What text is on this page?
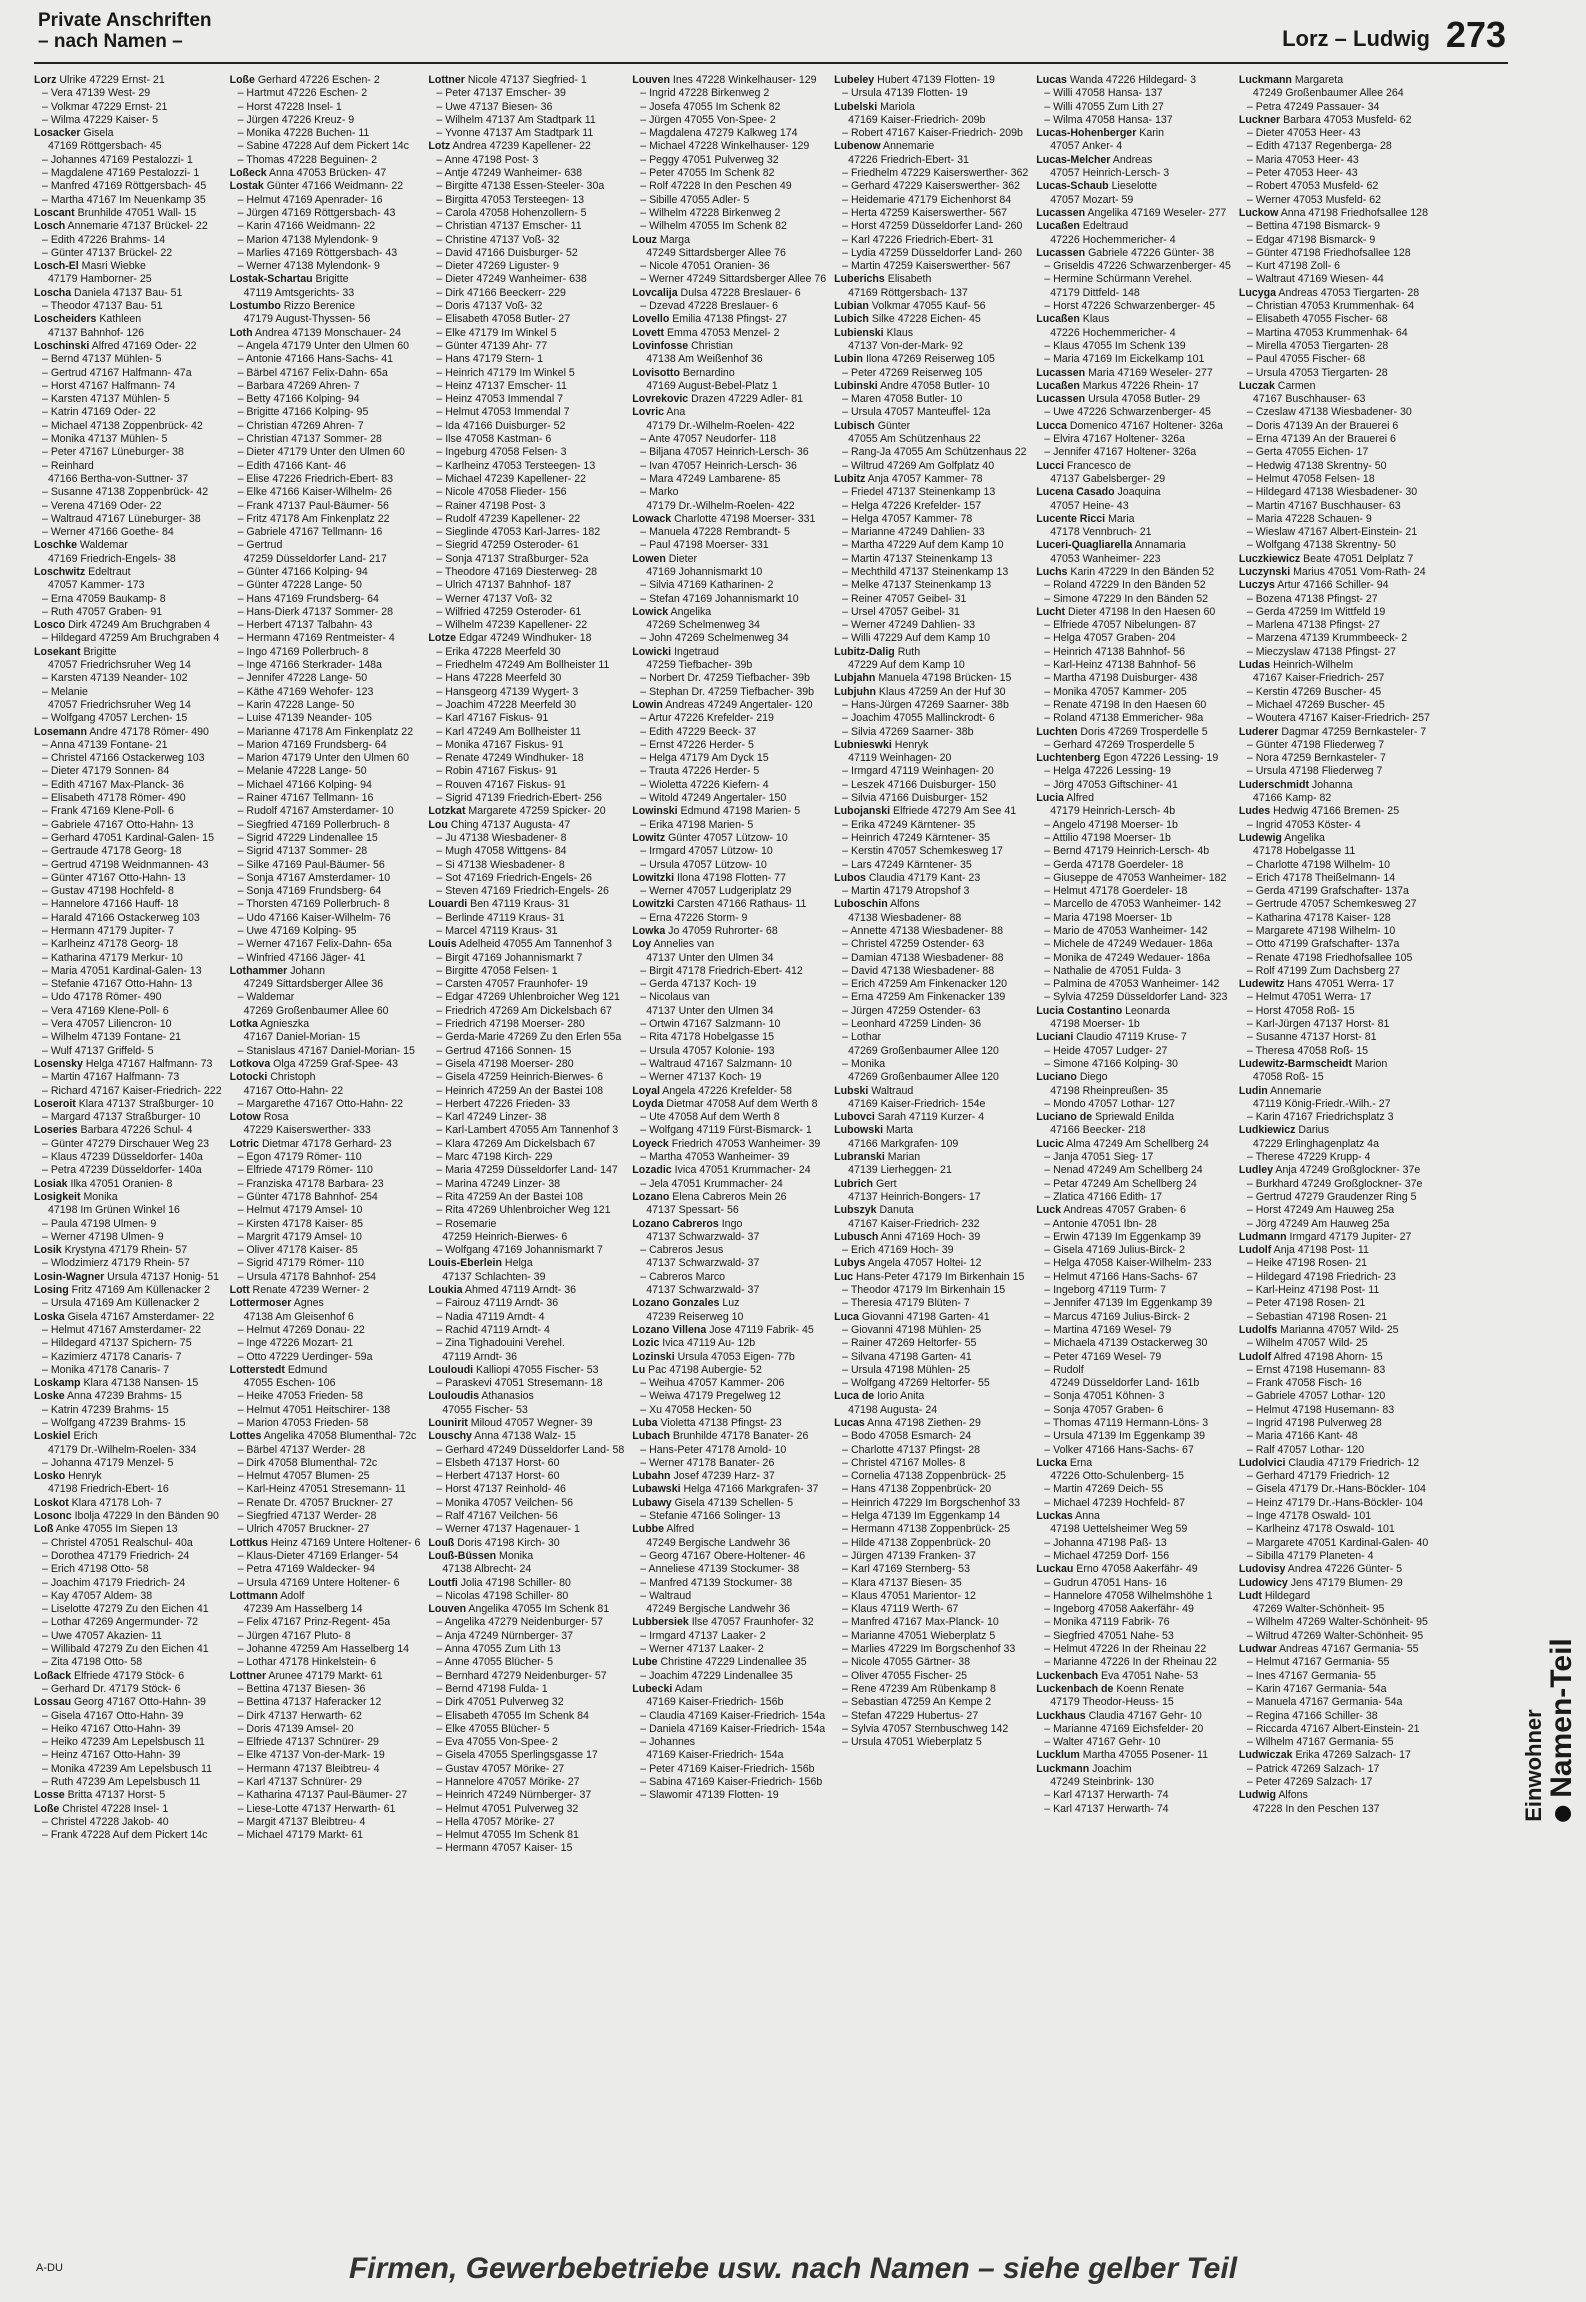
Private Anschriften
– nach Namen –	Lorz – Ludwig 273
Lorz Ulrike 47229 Ernst- 21
– Vera 47139 West- 29
– Volkmar 47229 Ernst- 21
– Wilma 47229 Kaiser- 5
Losacker Gisela
47169 Röttgersbach- 45
– Johannes 47169 Pestalozzi- 1
– Magdalene 47169 Pestalozzi- 1
– Manfred 47169 Röttgersbach- 45
– Martha 47167 Im Neuenkamp 35
Loscant Brunhilde 47051 Wall- 15
Losch Annemarie 47137 Brückel- 22
– Edith 47226 Brahms- 14
– Günter 47137 Brückel- 22
Losch-El Masri Wiebke
47179 Hamborner- 25
Loscha Daniela 47137 Bau- 51
– Theodor 47137 Bau- 51
Loscheiders Kathleen
47137 Bahnhof- 126
Loschinski Alfred 47169 Oder- 22
– Bernd 47137 Mühlen- 5
– Gertrud 47167 Halfmann- 47a
– Horst 47167 Halfmann- 74
– Karsten 47137 Mühlen- 5
– Katrin 47169 Oder- 22
– Michael 47138 Zoppenbrück- 42
– Monika 47137 Mühlen- 5
– Peter 47167 Lüneburger- 38
– Reinhard
47166 Bertha-von-Suttner- 37
– Susanne 47138 Zoppenbrück- 42
– Verena 47169 Oder- 22
– Waltraud 47167 Lüneburger- 38
– Werner 47166 Goethe- 84
Loschke Waldemar
47169 Friedrich-Engels- 38
Loschwitz Edeltraut
47057 Kammer- 173
– Erna 47059 Baukamp- 8
– Ruth 47057 Graben- 91
Losco Dirk 47249 Am Bruchgraben 4
– Hildegard 47259 Am Bruchgraben 4
Losekant Brigitte
47057 Friedrichsruher Weg 14
– Karsten 47139 Neander- 102
– Melanie
47057 Friedrichsruher Weg 14
– Wolfgang 47057 Lerchen- 15
Losemann Andre 47178 Römer- 490
– Anna 47139 Fontane- 21
– Christel 47166 Ostackerweg 103
– Dieter 47179 Sonnen- 84
– Edith 47167 Max-Planck- 36
– Elisabeth 47178 Römer- 490
– Frank 47169 Klene-Poll- 6
– Gabriele 47167 Otto-Hahn- 13
– Gerhard 47051 Kardinal-Galen- 15
– Gertraude 47178 Georg- 18
– Gertrud 47198 Weidnmannen- 43
– Günter 47167 Otto-Hahn- 13
– Gustav 47198 Hochfeld- 8
– Hannelore 47166 Hauff- 18
– Harald 47166 Ostackerweg 103
– Hermann 47179 Jupiter- 7
– Karlheinz 47178 Georg- 18
– Katharina 47179 Merkur- 10
– Maria 47051 Kardinal-Galen- 13
– Stefanie 47167 Otto-Hahn- 13
– Udo 47178 Römer- 490
– Vera 47169 Klene-Poll- 6
– Vera 47057 Liliencron- 10
– Wilhelm 47139 Fontane- 21
– Wulf 47137 Griffeld- 5
Losensky Helga 47167 Halfmann- 73
– Martin 47167 Halfmann- 73
– Richard 47167 Kaiser-Friedrich- 222
Loseroit Klara 47137 Straßburger- 10
– Margard 47137 Straßburger- 10
Loseries Barbara 47226 Schul- 4
– Günter 47279 Dirschauer Weg 23
– Klaus 47239 Düsseldorfer- 140a
– Petra 47239 Düsseldorfer- 140a
Losiak Ilka 47051 Oranien- 8
Losigkeit Monika
47198 Im Grünen Winkel 16
– Paula 47198 Ulmen- 9
– Werner 47198 Ulmen- 9
Losik Krystyna 47179 Rhein- 57
– Wlodzimierz 47179 Rhein- 57
Losin-Wagner Ursula 47137 Honig- 51
Losing Fritz 47169 Am Küllenacker 2
– Ursula 47169 Am Küllenacker 2
Loska Gisela 47167 Amsterdamer- 22
– Helmut 47167 Amsterdamer- 22
– Hildegard 47137 Spichern- 75
– Kazimierz 47178 Canaris- 7
– Monika 47178 Canaris- 7
Loskamp Klara 47138 Nansen- 15
Loske Anna 47239 Brahms- 15
– Katrin 47239 Brahms- 15
– Wolfgang 47239 Brahms- 15
Loskiel Erich
47179 Dr.-Wilhelm-Roelen- 334
– Johanna 47179 Menzel- 5
Losko Henryk
47198 Friedrich-Ebert- 16
Loskot Klara 47178 Loh- 7
Losonc Ibolja 47229 In den Bänden 90
Loß Anke 47055 Im Siepen 13
– Christel 47051 Realschul- 40a
– Dorothea 47179 Friedrich- 24
– Erich 47198 Otto- 58
– Joachim 47179 Friedrich- 24
– Kay 47057 Aldem- 38
– Liselotte 47279 Zu den Eichen 41
– Lothar 47269 Angermunder- 72
– Uwe 47057 Akazien- 11
– Willibald 47279 Zu den Eichen 41
– Zita 47198 Otto- 58
Loßack Elfriede 47179 Stöck- 6
– Gerhard Dr. 47179 Stöck- 6
Lossau Georg 47167 Otto-Hahn- 39
– Gisela 47167 Otto-Hahn- 39
– Heiko 47167 Otto-Hahn- 39
– Heiko 47239 Am Lepelsbusch 11
– Heinz 47167 Otto-Hahn- 39
– Monika 47239 Am Lepelsbusch 11
– Ruth 47239 Am Lepelsbusch 11
Losse Britta 47137 Horst- 5
Loße Christel 47228 Insel- 1
– Christel 47228 Jakob- 40
– Frank 47228 Auf dem Pickert 14c
Loße Gerhard 47226 Eschen- 2
– Hartmut 47226 Eschen- 2
– Horst 47228 Insel- 1
– Jürgen 47226 Kreuz- 9
– Monika 47228 Buchen- 11
– Sabine 47228 Auf dem Pickert 14c
– Thomas 47228 Beguinen- 2
Loßeck Anna 47053 Brücken- 47
Lostak Günter 47166 Weidmann- 22
– Helmut 47169 Apenrader- 16
– Jürgen 47169 Röttgersbach- 43
– Karin 47166 Weidmann- 22
– Marion 47138 Mylendonk- 9
– Marlies 47169 Röttgersbach- 43
– Werner 47138 Mylendonk- 9
Lostak-Schartau Brigitte
47119 Amtsgerichts- 33
Lostumbo Rizzo Berenice
47179 August-Thyssen- 56
Loth Andrea 47139 Monschauer- 24
– Angela 47179 Unter den Ulmen 60
– Antonie 47166 Hans-Sachs- 41
– Bärbel 47167 Felix-Dahn- 65a
– Barbara 47269 Ahren- 7
– Betty 47166 Kolping- 94
– Brigitte 47166 Kolping- 95
– Christian 47269 Ahren- 7
– Christian 47137 Sommer- 28
– Dieter 47179 Unter den Ulmen 60
– Edith 47166 Kant- 46
– Elise 47226 Friedrich-Ebert- 83
– Elke 47166 Kaiser-Wilhelm- 26
– Frank 47137 Paul-Bäumer- 56
– Fritz 47178 Am Finkenplatz 22
– Gabriele 47167 Tellmann- 16
– Gertrud
47259 Düsseldorfer Land- 217
– Günter 47166 Kolping- 94
– Günter 47228 Lange- 50
– Hans 47169 Frundsberg- 64
– Hans-Dierk 47137 Sommer- 28
– Herbert 47137 Talbahn- 43
– Hermann 47169 Rentmeister- 4
– Ingo 47169 Pollerbruch- 8
– Inge 47166 Sterkrader- 148a
– Jennifer 47228 Lange- 50
– Käthe 47169 Wehofer- 123
– Karin 47228 Lange- 50
– Luise 47139 Neander- 105
– Marianne 47178 Am Finkenplatz 22
– Marion 47169 Frundsberg- 64
– Marion 47179 Unter den Ulmen 60
– Melanie 47228 Lange- 50
– Michael 47166 Kolping- 94
– Rainer 47167 Tellmann- 16
– Rudolf 47167 Amsterdamer- 10
– Siegfried 47169 Pollerbruch- 8
– Sigrid 47229 Lindenallee 15
– Sigrid 47137 Sommer- 28
– Silke 47169 Paul-Bäumer- 56
– Sonja 47167 Amsterdamer- 10
– Sonja 47169 Frundsberg- 64
– Thorsten 47169 Pollerbruch- 8
– Udo 47166 Kaiser-Wilhelm- 76
– Uwe 47169 Kolping- 95
– Werner 47167 Felix-Dahn- 65a
– Winfried 47166 Jäger- 41
Lothammer Johann
47249 Sittardsberger Allee 36
– Waldemar
47269 Großenbaumer Allee 60
Lotka Agnieszka
47167 Daniel-Morian- 15
– Stanislaus 47167 Daniel-Morian- 15
Lotkova Olga 47259 Graf-Spee- 43
Lotocki Christoph
47167 Otto-Hahn- 22
– Margarethe 47167 Otto-Hahn- 22
Lotow Rosa
47229 Kaiserswerther- 333
Lotric Dietmar 47178 Gerhard- 23
– Egon 47179 Römer- 110
– Elfriede 47179 Römer- 110
– Franziska 47178 Barbara- 23
– Günter 47178 Bahnhof- 254
– Helmut 47179 Amsel- 10
– Kirsten 47178 Kaiser- 85
– Margrit 47179 Amsel- 10
– Oliver 47178 Kaiser- 85
– Sigrid 47179 Römer- 110
– Ursula 47178 Bahnhof- 254
Lott Renate 47239 Werner- 2
Lottermoser Agnes
47138 Am Gleisenhof 6
– Helmut 47269 Donau- 22
– Inge 47226 Mozart- 21
– Otto 47229 Uerdinger- 59a
Lotterstedt Edmund
47055 Eschen- 106
– Heike 47053 Frieden- 58
– Helmut 47051 Heitschirer- 138
– Marion 47053 Frieden- 58
Lottes Angelika 47058 Blumenthal- 72c
– Bärbel 47137 Werder- 28
– Dirk 47058 Blumenthal- 72c
– Helmut 47057 Blumen- 25
– Karl-Heinz 47051 Stresemann- 11
– Renate Dr. 47057 Bruckner- 27
– Siegfried 47137 Werder- 28
– Ulrich 47057 Bruckner- 27
Lottkus Heinz 47169 Untere Holtener- 6
– Klaus-Dieter 47169 Erlanger- 54
– Petra 47169 Waldecker- 94
– Ursula 47169 Untere Holtener- 6
Lottmann Adolf
47239 Am Hasselberg 14
– Felix 47167 Prinz-Regent- 45a
– Jürgen 47167 Pluto- 8
– Johanne 47259 Am Hasselberg 14
– Lothar 47178 Hinkelstein- 6
Lottner Arunee 47179 Markt- 61
– Bettina 47137 Biesen- 36
– Bettina 47137 Haferacker 12
– Dirk 47137 Herwarth- 62
– Doris 47139 Amsel- 20
– Elfriede 47137 Schnürer- 29
– Elke 47137 Von-der-Mark- 19
– Hermann 47137 Bleibtreu- 4
– Karl 47137 Schnürer- 29
– Katharina 47137 Paul-Bäumer- 27
– Liese-Lotte 47137 Herwarth- 61
– Margit 47137 Bleibtreu- 4
– Michael 47179 Markt- 61
Lottner Nicole 47137 Siegfried- 1
– Peter 47137 Emscher- 39
– Uwe 47137 Biesen- 36
– Wilhelm 47137 Am Stadtpark 11
– Yvonne 47137 Am Stadtpark 11
Lotz Andrea 47239 Kapellener- 22
– Anne 47198 Post- 3
– Antje 47249 Wanheimer- 638
– Birgitte 47138 Essen-Steeler- 30a
– Birgitta 47053 Tersteegen- 13
– Carola 47058 Hohenzollern- 5
– Christian 47137 Emscher- 11
– Christine 47137 Voß- 32
– David 47166 Duisburger- 52
– Dieter 47269 Liguster- 9
– Dieter 47249 Wanheimer- 638
– Dirk 47166 Beeckerr- 229
– Doris 47137 Voß- 32
– Elisabeth 47058 Butler- 27
– Elke 47179 Im Winkel 5
– Günter 47139 Ahr- 77
– Hans 47179 Stern- 1
– Heinrich 47179 Im Winkel 5
– Heinz 47137 Emscher- 11
– Heinz 47053 Immendal 7
– Helmut 47053 Immendal 7
– Ida 47166 Duisburger- 52
– Ilse 47058 Kastman- 6
– Ingeburg 47058 Felsen- 3
– Karlheinz 47053 Tersteegen- 13
– Michael 47239 Kapellener- 22
– Nicole 47058 Flieder- 156
– Rainer 47198 Post- 3
– Rudolf 47239 Kapellener- 22
– Sieglinde 47053 Karl-Jarres- 182
– Siegrid 47259 Osteroder- 61
– Sonja 47137 Straßburger- 52a
– Theodore 47169 Diesterweg- 28
– Ulrich 47137 Bahnhof- 187
– Werner 47137 Voß- 32
– Wilfried 47259 Osteroder- 61
– Wilhelm 47239 Kapellener- 22
Lotze Edgar 47249 Windhuker- 18
– Erika 47228 Meerfeld 30
– Friedhelm 47249 Am Bollheister 11
– Hans 47228 Meerfeld 30
– Hansgeorg 47139 Wygert- 3
– Joachim 47228 Meerfeld 30
– Karl 47167 Fiskus- 91
– Karl 47249 Am Bollheister 11
– Monika 47167 Fiskus- 91
– Renate 47249 Windhuker- 18
– Robin 47167 Fiskus- 91
– Rouven 47167 Fiskus- 91
– Sigrid 47139 Friedrich-Ebert- 256
Lotzkat Margarete 47259 Spicker- 20
Lou Ching 47137 Augusta- 47
– Ju 47138 Wiesbadener- 8
– Mugh 47058 Wittgens- 84
– Si 47138 Wiesbadener- 8
– Sot 47169 Friedrich-Engels- 26
– Steven 47169 Friedrich-Engels- 26
Louardi Ben 47119 Kraus- 31
– Berlinde 47119 Kraus- 31
– Marcel 47119 Kraus- 31
Louis Adelheid 47055 Am Tannenhof 3
– Birgit 47169 Johannismarkt 7
– Birgitte 47058 Felsen- 1
– Carsten 47057 Fraunhofer- 19
– Edgar 47269 Uhlenbroicher Weg 121
– Friedrich 47269 Am Dickelsbach 67
– Friedrich 47198 Moerser- 280
– Gerda-Marie 47269 Zu den Erlen 55a
– Gertrud 47166 Sonnen- 15
– Gisela 47198 Moerser- 280
– Gisela 47259 Heinrich-Bierwes- 6
– Heinrich 47259 An der Bastei 108
– Herbert 47226 Frieden- 33
– Karl 47249 Linzer- 38
– Karl-Lambert 47055 Am Tannenhof 3
– Klara 47269 Am Dickelsbach 67
– Marc 47198 Kirch- 229
– Maria 47259 Düsseldorfer Land- 147
– Marina 47249 Linzer- 38
– Rita 47259 An der Bastei 108
– Rita 47269 Uhlenbroicher Weg 121
– Rosemarie
47259 Heinrich-Bierwes- 6
– Wolfgang 47169 Johannismarkt 7
Louis-Eberlein Helga
47137 Schlachten- 39
Loukia Ahmed 47119 Arndt- 36
– Fairouz 47119 Arndt- 36
– Nadia 47119 Arndt- 4
– Rachid 47119 Arndt- 4
– Zina Tighadouini Verehel.
47119 Arndt- 36
Louloudi Kalliopi 47055 Fischer- 53
– Paraskevi 47051 Stresemann- 18
Louloudis Athanasios
47055 Fischer- 53
Lounirit Miloud 47057 Wegner- 39
Louschy Anna 47138 Walz- 15
– Gerhard 47249 Düsseldorfer Land- 58
– Elsbeth 47137 Horst- 60
– Herbert 47137 Horst- 60
– Horst 47137 Reinhold- 46
– Monika 47057 Veilchen- 56
– Ralf 47167 Veilchen- 56
– Werner 47137 Hagenauer- 1
Louß Doris 47198 Kirch- 30
Louß-Büssen Monika
47138 Albrecht- 24
Loutfi Jolia 47198 Schiller- 80
– Nicolas 47198 Schiller- 80
Louven Angelika 47055 Im Schenk 81
– Angelika 47279 Neidenburger- 57
– Anja 47249 Nürnberger- 37
– Anna 47055 Zum Lith 13
– Anne 47055 Blücher- 5
– Bernhard 47279 Neidenburger- 57
– Bernd 47198 Fulda- 1
– Dirk 47051 Pulverweg 32
– Elisabeth 47055 Im Schenk 84
– Elke 47055 Blücher- 5
– Eva 47055 Von-Spee- 2
– Gisela 47055 Sperlingsgasse 17
– Gustav 47057 Mörike- 27
– Hannelore 47057 Mörike- 27
– Heinrich 47249 Nürnberger- 37
– Helmut 47051 Pulverweg 32
– Hella 47057 Mörike- 27
– Helmut 47055 Im Schenk 81
– Hermann 47057 Kaiser- 15
Louven Ines 47228 Winkelhauser- 129
– Ingrid 47228 Birkenweg 2
– Josefa 47055 Im Schenk 82
– Jürgen 47055 Von-Spee- 2
– Magdalena 47279 Kalkweg 174
– Michael 47228 Winkelhauser- 129
– Peggy 47051 Pulverweg 32
– Peter 47055 Im Schenk 82
– Rolf 47228 In den Peschen 49
– Sibille 47055 Adler- 5
– Wilhelm 47228 Birkenweg 2
– Wilhelm 47055 Im Schenk 82
Louz Marga
47249 Sittardsberger Allee 76
– Nicole 47051 Oranien- 36
– Werner 47249 Sittardsberger Allee 76
Lovcalija Dulsa 47228 Breslauer- 6
– Dzevad 47228 Breslauer- 6
Lovello Emilia 47138 Pfingst- 27
Lovett Emma 47053 Menzel- 2
Lovinfosse Christian
47138 Am Weißenhof 36
Lovisotto Bernardino
47169 August-Bebel-Platz 1
Lovrekovic Drazen 47229 Adler- 81
Lovric Ana
47179 Dr.-Wilhelm-Roelen- 422
– Ante 47057 Neudorfer- 118
– Biljana 47057 Heinrich-Lersch- 36
– Ivan 47057 Heinrich-Lersch- 36
– Mara 47249 Lambarene- 85
– Marko
47179 Dr.-Wilhelm-Roelen- 422
Lowack Charlotte 47198 Moerser- 331
– Manuela 47228 Rembrandt- 5
– Paul 47198 Moerser- 331
Lowen Dieter
47169 Johannismarkt 10
– Silvia 47169 Katharinen- 2
– Stefan 47169 Johannismarkt 10
Lowick Angelika
47269 Schelmenweg 34
– John 47269 Schelmenweg 34
Lowicki Ingetraud
47259 Tiefbacher- 39b
– Norbert Dr. 47259 Tiefbacher- 39b
– Stephan Dr. 47259 Tiefbacher- 39b
Lowin Andreas 47249 Angertaler- 120
– Artur 47226 Krefelder- 219
– Edith 47229 Beeck- 37
– Ernst 47226 Herder- 5
– Helga 47179 Am Dyck 15
– Trauta 47226 Herder- 5
– Wioletta 47226 Kiefern- 4
– Witold 47249 Angertaler- 150
Lowinski Edmund 47198 Marien- 5
– Erika 47198 Marien- 5
Lowitz Günter 47057 Lützow- 10
– Irmgard 47057 Lützow- 10
– Ursula 47057 Lützow- 10
Lowitzki Ilona 47198 Flotten- 77
– Werner 47057 Ludgeriplatz 29
Lowitzki Carsten 47166 Rathaus- 11
– Erna 47226 Storm- 9
Lowka Jo 47059 Ruhrorter- 68
Loy Annelies van
47137 Unter den Ulmen 34
– Birgit 47178 Friedrich-Ebert- 412
– Gerda 47137 Koch- 19
– Nicolaus van
47137 Unter den Ulmen 34
– Ortwin 47167 Salzmann- 10
– Rita 47178 Hobelgasse 15
– Ursula 47057 Kolonie- 193
– Waltraud 47167 Salzmann- 10
– Werner 47137 Koch- 19
Loyal Angela 47226 Krefelder- 58
Loyda Dietmar 47058 Auf dem Werth 8
– Ute 47058 Auf dem Werth 8
– Wolfgang 47119 Fürst-Bismarck- 1
Loyeck Friedrich 47053 Wanheimer- 39
– Martha 47053 Wanheimer- 39
Lozadic Ivica 47051 Krummacher- 24
– Jela 47051 Krummacher- 24
Lozano Elena Cabreros Mein 26
47137 Spessart- 56
Lozano Cabreros Ingo
47137 Schwarzwald- 37
– Cabreros Jesus
47137 Schwarzwald- 37
– Cabreros Marco
47137 Schwarzwald- 37
Lozano Gonzales Luz
47239 Reiserweg 10
Lozano Villena Jose 47119 Fabrik- 45
Lozic Ivica 47119 Au- 12b
Lozinski Ursula 47053 Eigen- 77b
Lu Pac 47198 Aubergie- 52
– Weihua 47057 Kammer- 206
– Weiwa 47179 Pregelweg 12
– Xu 47058 Hecken- 50
Luba Violetta 47138 Pfingst- 23
Lubach Brunhilde 47178 Banater- 26
– Hans-Peter 47178 Arnold- 10
– Werner 47178 Banater- 26
Lubahn Josef 47239 Harz- 37
Lubawski Helga 47166 Markgrafen- 37
Lubawy Gisela 47139 Schellen- 5
– Stefanie 47166 Solinger- 13
Lubbe Alfred
47249 Bergische Landwehr 36
– Georg 47167 Obere-Holtener- 46
– Anneliese 47139 Stockumer- 38
– Manfred 47139 Stockumer- 38
– Waltraud
47249 Bergische Landwehr 36
Lubbersiek Ilse 47057 Fraunhofer- 32
– Irmgard 47137 Laaker- 2
– Werner 47137 Laaker- 2
Lube Christine 47229 Lindenallee 35
– Joachim 47229 Lindenallee 35
Lubecki Adam
47169 Kaiser-Friedrich- 156b
– Claudia 47169 Kaiser-Friedrich- 154a
– Daniela 47169 Kaiser-Friedrich- 154a
– Johannes
47169 Kaiser-Friedrich- 154a
– Peter 47169 Kaiser-Friedrich- 156b
– Sabina 47169 Kaiser-Friedrich- 156b
– Slawomir 47139 Flotten- 19
Lubeley Hubert 47139 Flotten- 19
– Ursula 47139 Flotten- 19
Lubelski Mariola
47169 Kaiser-Friedrich- 209b
– Robert 47167 Kaiser-Friedrich- 209b
Lubenow Annemarie
47226 Friedrich-Ebert- 31
– Friedhelm 47229 Kaiserswerther- 362
– Gerhard 47229 Kaiserswerther- 362
– Heidemarie 47179 Eichenhorst 84
– Herta 47259 Kaiserswerther- 567
– Horst 47259 Düsseldorfer Land- 260
– Karl 47226 Friedrich-Ebert- 31
– Lydia 47259 Düsseldorfer Land- 260
– Martin 47259 Kaiserswerther- 567
Luberichs Elisabeth
47169 Röttgersbach- 137
Lubian Volkmar 47055 Kauf- 56
Lubich Silke 47228 Eichen- 45
Lubienski Klaus
47137 Von-der-Mark- 92
Lubin Ilona 47269 Reiserweg 105
– Peter 47269 Reiserweg 105
Lubinski Andre 47058 Butler- 10
– Maren 47058 Butler- 10
– Ursula 47057 Manteuffel- 12a
Lubisch Günter
47055 Am Schützenhaus 22
– Rang-Ja 47055 Am Schützenhaus 22
– Wiltrud 47269 Am Golfplatz 40
Lubitz Anja 47057 Kammer- 78
– Friedel 47137 Steinenkamp 13
– Helga 47226 Krefelder- 157
– Helga 47057 Kammer- 78
– Marianne 47249 Dahlien- 33
– Martha 47229 Auf dem Kamp 10
– Martin 47137 Steinenkamp 13
– Mechthild 47137 Steinenkamp 13
– Melke 47137 Steinenkamp 13
– Reiner 47057 Geibel- 31
– Ursel 47057 Geibel- 31
– Werner 47249 Dahlien- 33
– Willi 47229 Auf dem Kamp 10
Lubitz-Dalig Ruth
47229 Auf dem Kamp 10
Lubjahn Manuela 47198 Brücken- 15
Lubjuhn Klaus 47259 An der Huf 30
– Hans-Jürgen 47269 Saarner- 38b
– Joachim 47055 Mallinckrodt- 6
– Silvia 47269 Saarner- 38b
Lubnieswki Henryk
47119 Weinhagen- 20
– Irmgard 47119 Weinhagen- 20
– Leszek 47166 Duisburger- 150
– Silvia 47166 Duisburger- 152
Lubojanski Elfriede 47279 Am See 41
– Erika 47249 Kärntener- 35
– Heinrich 47249 Kärntener- 35
– Kerstin 47057 Schemkesweg 17
– Lars 47249 Kärntener- 35
Lubos Claudia 47179 Kant- 23
– Martin 47179 Atropshof 3
Luboschin Alfons
47138 Wiesbadener- 88
– Annette 47138 Wiesbadener- 88
– Christel 47259 Ostender- 63
– Damian 47138 Wiesbadener- 88
– David 47138 Wiesbadener- 88
– Erich 47259 Am Finkenacker 120
– Erna 47259 Am Finkenacker 139
– Jürgen 47259 Ostender- 63
– Leonhard 47259 Linden- 36
– Lothar
47269 Großenbaumer Allee 120
– Monika
47269 Großenbaumer Allee 120
Lubski Waltraud
47169 Kaiser-Friedrich- 154e
Lubovci Sarah 47119 Kurzer- 4
Lubowski Marta
47166 Markgrafen- 109
Lubranski Marian
47139 Lierheggen- 21
Lubrich Gert
47137 Heinrich-Bongers- 17
Lubszyk Danuta
47167 Kaiser-Friedrich- 232
Lubusch Anni 47169 Hoch- 39
– Erich 47169 Hoch- 39
Lubys Angela 47057 Holtei- 12
Luc Hans-Peter 47179 Im Birkenhain 15
– Theodor 47179 Im Birkenhain 15
– Theresia 47179 Blüten- 7
Luca Giovanni 47198 Garten- 41
– Giovanni 47198 Mühlen- 25
– Rainer 47269 Heltorfer- 55
– Silvana 47198 Garten- 41
– Ursula 47198 Mühlen- 25
– Wolfgang 47269 Heltorfer- 55
Luca de Iorio Anita
47198 Augusta- 24
Lucas Anna 47198 Ziethen- 29
– Bodo 47058 Esmarch- 24
– Charlotte 47137 Pfingst- 28
– Christel 47167 Molles- 8
– Cornelia 47138 Zoppenbrück- 25
– Hans 47138 Zoppenbrück- 20
– Heinrich 47229 Im Borgschenhof 33
– Helga 47139 Im Eggenkamp 14
– Hermann 47138 Zoppenbrück- 25
– Hilde 47138 Zoppenbrück- 20
– Jürgen 47139 Franken- 37
– Karl 47169 Sternberg- 53
– Klara 47137 Biesen- 35
– Klaus 47051 Marientor- 12
– Klaus 47119 Werth- 67
– Manfred 47167 Max-Planck- 10
– Marianne 47051 Wieberplatz 5
– Marlies 47229 Im Borgschenhof 33
– Nicole 47055 Gärtner- 38
– Oliver 47055 Fischer- 25
– Rene 47239 Am Rübenkamp 8
– Sebastian 47259 An Kempe 2
– Stefan 47229 Hubertus- 27
– Sylvia 47057 Sternbuschweg 142
– Ursula 47051 Wieberplatz 5
Lucas Wanda 47226 Hildegard- 3
– Willi 47058 Hansa- 137
– Willi 47055 Zum Lith 27
– Wilma 47058 Hansa- 137
Lucas-Hohenberger Karin
47057 Anker- 4
Lucas-Melcher Andreas
47057 Heinrich-Lersch- 3
Lucas-Schaub Lieselotte
47057 Mozart- 59
Lucassen Angelika 47169 Weseler- 277
Lucaßen Edeltraud
47226 Hochemmericher- 4
Lucassen Gabriele 47226 Günter- 38
– Griseldis 47226 Schwarzenberger- 45
– Hermine Schürmann Verehel.
47179 Dittfeld- 148
– Horst 47226 Schwarzenberger- 45
Lucaßen Klaus
47226 Hochemmericher- 4
– Klaus 47055 Im Schenk 139
– Maria 47169 Im Eickelkamp 101
Lucassen Maria 47169 Weseler- 277
Lucaßen Markus 47226 Rhein- 17
Lucassen Ursula 47058 Butler- 29
– Uwe 47226 Schwarzenberger- 45
Lucca Domenico 47167 Holtener- 326a
– Elvira 47167 Holtener- 326a
– Jennifer 47167 Holtener- 326a
Lucci Francesco de
47137 Gabelsberger- 29
Lucena Casado Joaquina
47057 Heine- 43
Lucente Ricci Maria
47178 Vennbruch- 21
Luceri-Quagliarella Annamaria
47053 Wanheimer- 223
Luchs Karin 47229 In den Bänden 52
– Roland 47229 In den Bänden 52
– Simone 47229 In den Bänden 52
Lucht Dieter 47198 In den Haesen 60
– Elfriede 47057 Nibelungen- 87
– Helga 47057 Graben- 204
– Heinrich 47138 Bahnhof- 56
– Karl-Heinz 47138 Bahnhof- 56
– Martha 47198 Duisburger- 438
– Monika 47057 Kammer- 205
– Renate 47198 In den Haesen 60
– Roland 47138 Emmericher- 98a
Luchten Doris 47269 Trosperdelle 5
– Gerhard 47269 Trosperdelle 5
Luchtenberg Egon 47226 Lessing- 19
– Helga 47226 Lessing- 19
– Jörg 47053 Giftschiner- 41
Lucia Alfred
47179 Heinrich-Lersch- 4b
– Angelo 47198 Moerser- 1b
– Attilio 47198 Moerser- 1b
– Bernd 47179 Heinrich-Lersch- 4b
– Gerda 47178 Goerdeler- 18
– Giuseppe de 47053 Wanheimer- 182
– Helmut 47178 Goerdeler- 18
– Marcello de 47053 Wanheimer- 142
– Maria 47198 Moerser- 1b
– Mario de 47053 Wanheimer- 142
– Michele de 47249 Wedauer- 186a
– Monika de 47249 Wedauer- 186a
– Nathalie de 47051 Fulda- 3
– Palmina de 47053 Wanheimer- 142
– Sylvia 47259 Düsseldorfer Land- 323
Lucia Costantino Leonarda
47198 Moerser- 1b
Luciani Claudio 47119 Kruse- 7
– Heide 47057 Ludger- 27
– Simone 47166 Kolping- 30
Luciano Diego
47198 Rheinpreußen- 35
– Mondo 47057 Lothar- 127
Luciano de Spriewald Enilda
47166 Beecker- 218
Lucic Alma 47249 Am Schellberg 24
– Janja 47051 Sieg- 17
– Nenad 47249 Am Schellberg 24
– Petar 47249 Am Schellberg 24
– Zlatica 47166 Edith- 17
Luck Andreas 47057 Graben- 6
– Antonie 47051 Ibn- 28
– Erwin 47139 Im Eggenkamp 39
– Gisela 47169 Julius-Birck- 2
– Helga 47058 Kaiser-Wilhelm- 233
– Helmut 47166 Hans-Sachs- 67
– Ingeborg 47119 Turm- 7
– Jennifer 47139 Im Eggenkamp 39
– Marcus 47169 Julius-Birck- 2
– Martina 47169 Wesel- 79
– Michaela 47139 Ostackerweg 30
– Peter 47169 Wesel- 79
– Rudolf
47249 Düsseldorfer Land- 161b
– Sonja 47051 Köhnen- 3
– Sonja 47057 Graben- 6
– Thomas 47119 Hermann-Löns- 3
– Ursula 47139 Im Eggenkamp 39
– Volker 47166 Hans-Sachs- 67
Lucka Erna
47226 Otto-Schulenberg- 15
– Martin 47269 Deich- 55
– Michael 47239 Hochfeld- 87
Luckas Anna
47198 Uettelsheimer Weg 59
– Johanna 47198 Paß- 13
– Michael 47259 Dorf- 156
Luckau Erno 47058 Aakerfähr- 49
– Gudrun 47051 Hans- 16
– Hannelore 47058 Wilhelmshöhe 1
– Ingeborg 47058 Aakerfähr- 49
– Monika 47119 Fabrik- 76
– Siegfried 47051 Nahe- 53
– Helmut 47226 In der Rheinau 22
– Marianne 47226 In der Rheinau 22
Luckenbach Eva 47051 Nahe- 53
Luckenbach de Koenn Renate
47179 Theodor-Heuss- 15
Luckhaus Claudia 47167 Gehr- 10
– Marianne 47169 Eichsfelder- 20
– Walter 47167 Gehr- 10
Lucklum Martha 47055 Posener- 11
Luckmann Joachim
47249 Steinbrink- 130
– Karl 47137 Herwarth- 74
– Karl 47137 Herwarth- 74
Luckmann Margareta
47249 Großenbaumer Allee 264
– Petra 47249 Passauer- 34
Luckner Barbara 47053 Musfeld- 62
– Dieter 47053 Heer- 43
– Edith 47137 Regenberga- 28
– Maria 47053 Heer- 43
– Peter 47053 Heer- 43
– Robert 47053 Musfeld- 62
– Werner 47053 Musfeld- 62
Luckow Anna 47198 Friedhofsallee 128
– Bettina 47198 Bismarck- 9
– Edgar 47198 Bismarck- 9
– Günter 47198 Friedhofsallee 128
– Kurt 47198 Zoll- 6
– Waltraut 47169 Wiesen- 44
Lucyga Andreas 47053 Tiergarten- 28
– Christian 47053 Krummenhak- 64
– Elisabeth 47055 Fischer- 68
– Martina 47053 Krummenhak- 64
– Mirella 47053 Tiergarten- 28
– Paul 47055 Fischer- 68
– Ursula 47053 Tiergarten- 28
Luczak Carmen
47167 Buschhauser- 63
– Czeslaw 47138 Wiesbadener- 30
– Doris 47139 An der Brauerei 6
– Erna 47139 An der Brauerei 6
– Gerta 47055 Eichen- 17
– Hedwig 47138 Skrentny- 50
– Helmut 47058 Felsen- 18
– Hildegard 47138 Wiesbadener- 30
– Martin 47167 Buschhauser- 63
– Maria 47228 Schauen- 9
– Wieslaw 47167 Albert-Einstein- 21
– Wolfgang 47138 Skrentny- 50
Luczkiewicz Beate 47051 Delplatz 7
Luczynski Marius 47051 Vom-Rath- 24
Luczys Artur 47166 Schiller- 94
– Bozena 47138 Pfingst- 27
– Gerda 47259 Im Wittfeld 19
– Marlena 47138 Pfingst- 27
– Marzena 47139 Krummbeeck- 2
– Mieczyslaw 47138 Pfingst- 27
Ludas Heinrich-Wilhelm
47167 Kaiser-Friedrich- 257
– Kerstin 47269 Buscher- 45
– Michael 47269 Buscher- 45
– Woutera 47167 Kaiser-Friedrich- 257
Luderer Dagmar 47259 Bernkasteler- 7
– Günter 47198 Fliederweg 7
– Nora 47259 Bernkasteler- 7
– Ursula 47198 Fliederweg 7
Luderschmidt Johanna
47166 Kamp- 82
Ludes Hedwig 47166 Bremen- 25
– Ingrid 47053 Köster- 4
Ludewig Angelika
47178 Hobelgasse 11
– Charlotte 47198 Wilhelm- 10
– Erich 47178 Theißelmann- 14
– Gerda 47199 Grafschafter- 137a
– Gertrude 47057 Schemkesweg 27
– Katharina 47178 Kaiser- 128
– Margarete 47198 Wilhelm- 10
– Otto 47199 Grafschafter- 137a
– Renate 47198 Friedhofsallee 105
– Rolf 47199 Zum Dachsberg 27
Ludewitz Hans 47051 Werra- 17
– Helmut 47051 Werra- 17
– Horst 47058 Roß- 15
– Karl-Jürgen 47137 Horst- 81
– Susanne 47137 Horst- 81
– Theresa 47058 Roß- 15
Ludewitz-Barmscheidt Marion
47058 Roß- 15
Ludin Annemarie
47119 König-Friedr.-Wilh.- 27
– Karin 47167 Friedrichsplatz 3
Ludkiewicz Darius
47229 Erlinghagenplatz 4a
– Therese 47229 Krupp- 4
Ludley Anja 47249 Großglockner- 37e
– Burkhard 47249 Großglockner- 37e
– Gertrud 47279 Graudenzer Ring 5
– Horst 47249 Am Hauweg 25a
– Jörg 47249 Am Hauweg 25a
Ludmann Irmgard 47179 Jupiter- 27
Ludolf Anja 47198 Post- 11
– Heike 47198 Rosen- 21
– Hildegard 47198 Friedrich- 23
– Karl-Heinz 47198 Post- 11
– Peter 47198 Rosen- 21
– Sebastian 47198 Rosen- 21
Ludolfs Marianna 47057 Wild- 25
– Wilhelm 47057 Wild- 25
Ludolf Alfred 47198 Ahorn- 15
– Ernst 47198 Husemann- 83
– Frank 47058 Fisch- 16
– Gabriele 47057 Lothar- 120
– Helmut 47198 Husemann- 83
– Ingrid 47198 Pulverweg 28
– Maria 47166 Kant- 48
– Ralf 47057 Lothar- 120
Ludolvici Claudia 47179 Friedrich- 12
– Gerhard 47179 Friedrich- 12
– Gisela 47179 Dr.-Hans-Böckler- 104
– Heinz 47179 Dr.-Hans-Böckler- 104
– Inge 47178 Oswald- 101
– Karlheinz 47178 Oswald- 101
– Margarete 47051 Kardinal-Galen- 40
– Sibilla 47179 Planeten- 4
Ludovisy Andrea 47226 Günter- 5
Ludowicy Jens 47179 Blumen- 29
Ludt Hildegard
47269 Walter-Schönheit- 95
– Wilhelm 47269 Walter-Schönheit- 95
– Wiltrud 47269 Walter-Schönheit- 95
Ludwar Andreas 47167 Germania- 55
– Helmut 47167 Germania- 55
– Ines 47167 Germania- 55
– Karin 47167 Germania- 54a
– Manuela 47167 Germania- 54a
– Regina 47166 Schiller- 38
– Riccarda 47167 Albert-Einstein- 21
– Wilhelm 47167 Germania- 55
Ludwiczak Erika 47269 Salzach- 17
– Patrick 47269 Salzach- 17
– Peter 47269 Salzach- 17
Ludwig Alfons
47228 In den Peschen 137	Einwohner Namen-Teil
A-DU	Firmen, Gewerbebetriebe usw. nach Namen – siehe gelber Teil
